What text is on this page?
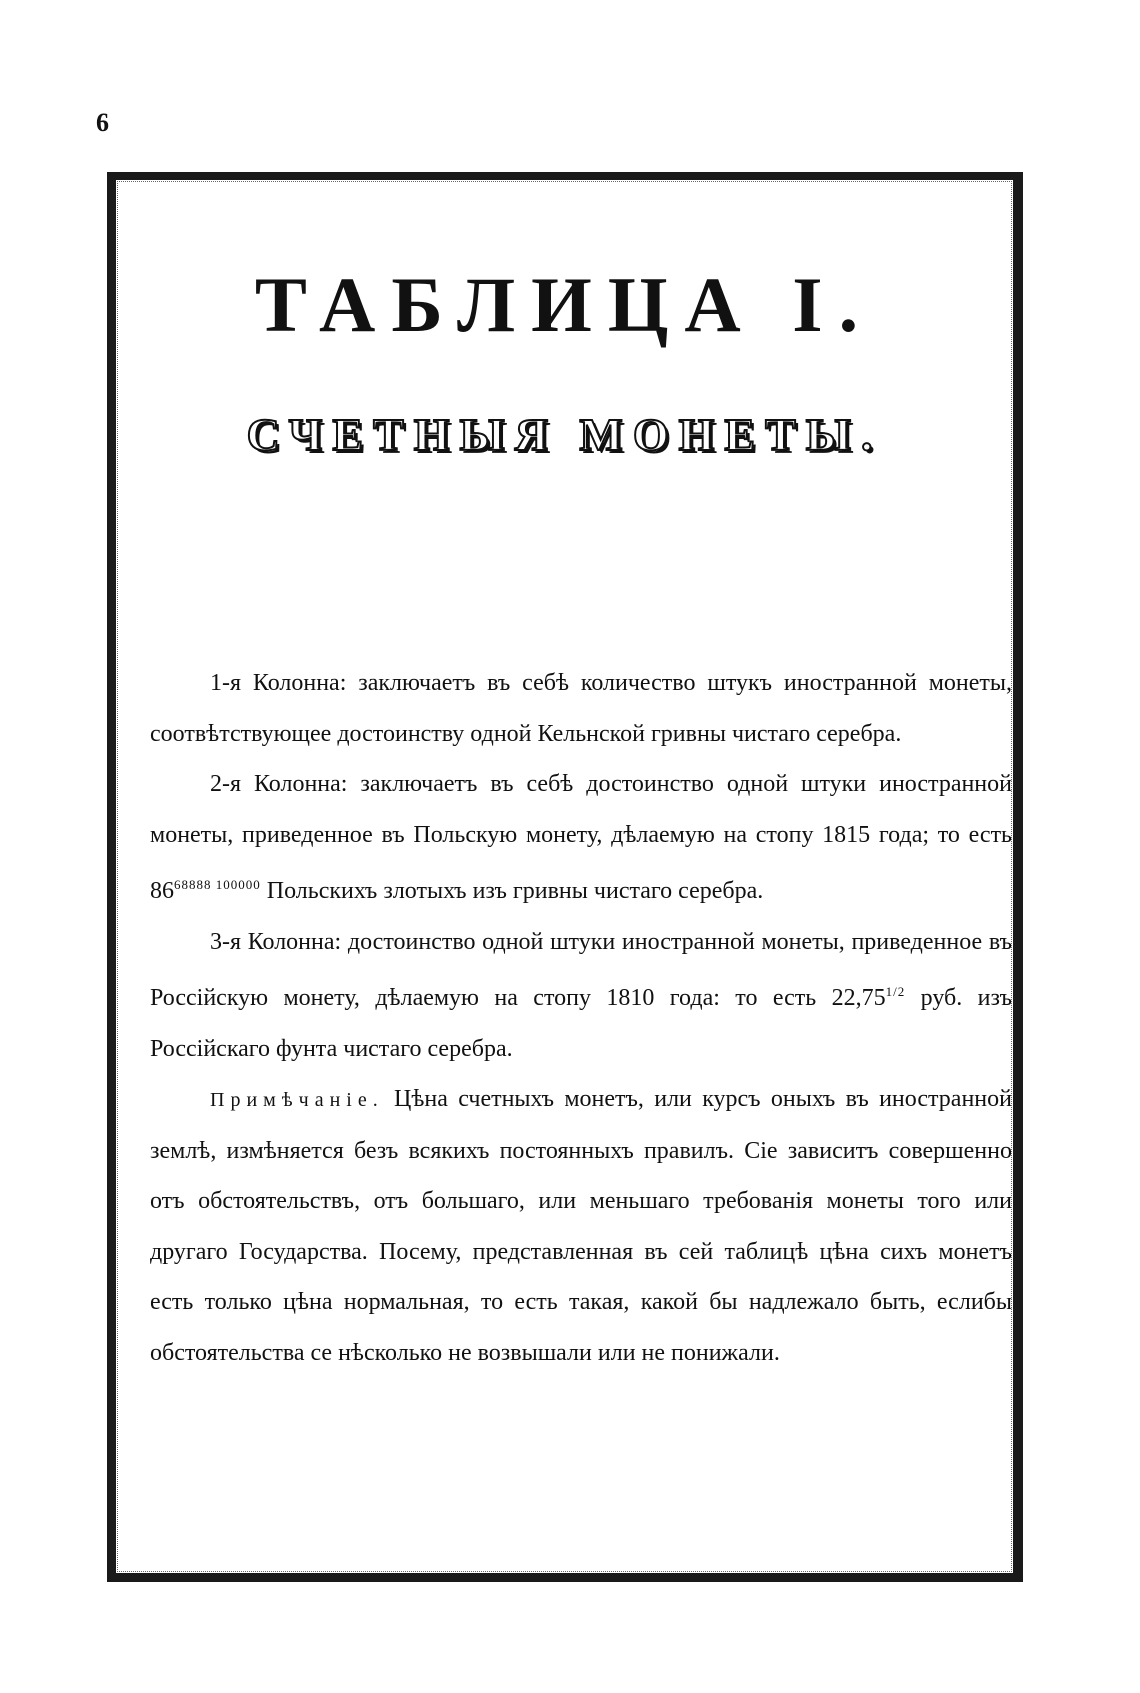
6
ТАБЛИЦА I.
СЧЕТНЫЯ МОНЕТЫ.

1-я Колонна: заключаетъ въ себѣ количество штукъ иностранной монеты, соотвѣтствующее достоинству одной Кельнской гривны чистаго серебра.

2-я Колонна: заключаетъ въ себѣ достоинство одной штуки иностранной монеты, приведенное въ Польскую монету, дѣлаемую на стопу 1815 года; то есть $86^{68888 100000}$ Польскихъ злотыхъ изъ гривны чистаго серебра.

3-я Колонна: достоинство одной штуки иностранной монеты, приведенное въ Россійскую монету, дѣлаемую на стопу 1810 года: то есть $22,75^{1/2}$ руб. изъ Россійскаго фунта чистаго серебра.

Примѣчаніе. Цѣна счетныхъ монетъ, или курсъ оныхъ въ иностранной землѣ, измѣняется безъ всякихъ постоянныхъ правилъ. Сіе зависитъ совершенно отъ обстоятельствъ, отъ большаго, или меньшаго требованія монеты того или другаго Государства. Посему, представленная въ сей таблицѣ цѣна сихъ монетъ есть только цѣна нормальная, то есть такая, какой бы надлежало быть, еслибы обстоятельства се нѣсколько не возвышали или не понижали.
